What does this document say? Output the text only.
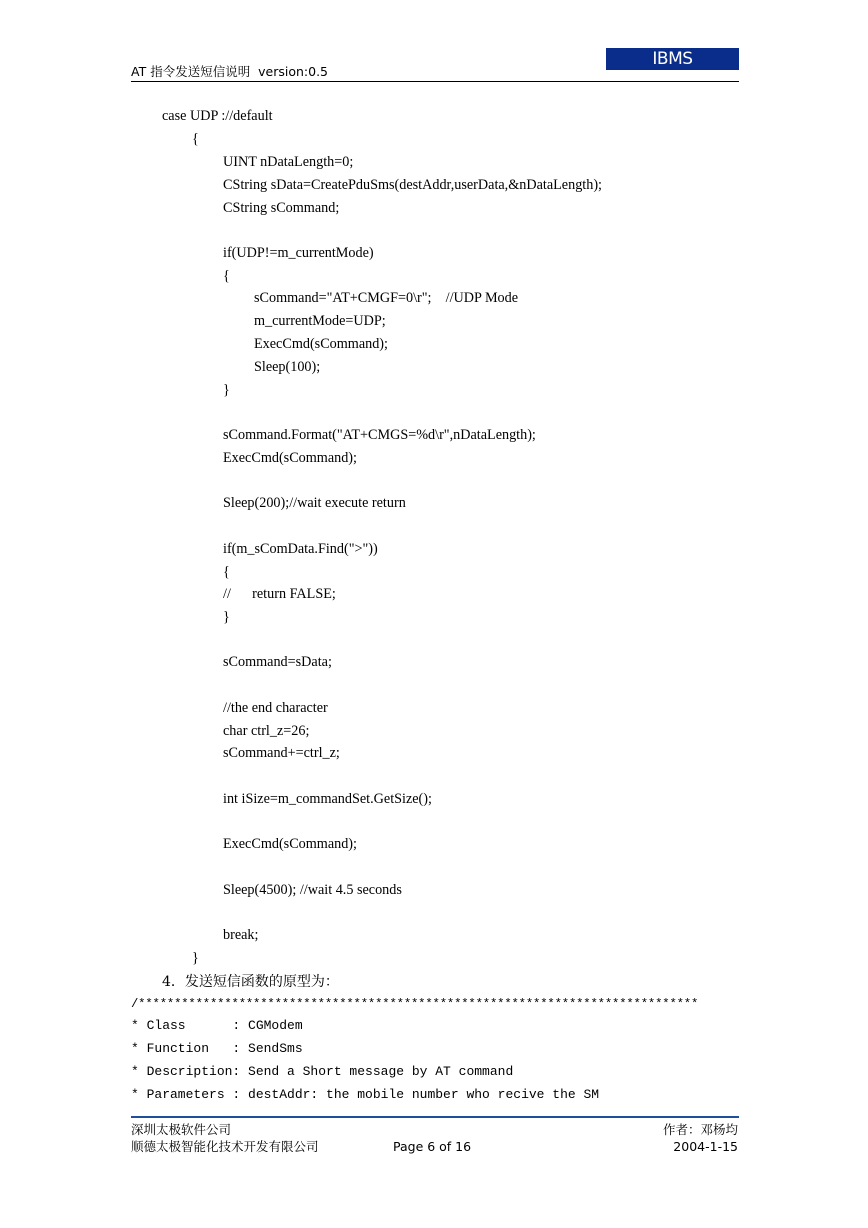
AT 指令发送短信说明  version:0.5
IBMS
case UDP ://default
{
UINT nDataLength=0;
CString sData=CreatePduSms(destAddr,userData,&nDataLength);
CString sCommand;
if(UDP!=m_currentMode)
{
sCommand="AT+CMGF=0\r";    //UDP Mode
m_currentMode=UDP;
ExecCmd(sCommand);
Sleep(100);
}
sCommand.Format("AT+CMGS=%d\r",nDataLength);
ExecCmd(sCommand);
Sleep(200);//wait execute return
if(m_sComData.Find(">"))
{
//      return FALSE;
}
sCommand=sData;
//the end character
char ctrl_z=26;
sCommand+=ctrl_z;
int iSize=m_commandSet.GetSize();
ExecCmd(sCommand);
Sleep(4500); //wait 4.5 seconds
break;
}
4．发送短信函数的原型为：
/******************************************************************************
* Class      : CGModem
* Function   : SendSms
* Description: Send a Short message by AT command
* Parameters : destAddr: the mobile number who recive the SM
深圳太极软件公司
顺德太极智能化技术开发有限公司	Page 6 of 16
作者：邓杨均
2004-1-15
